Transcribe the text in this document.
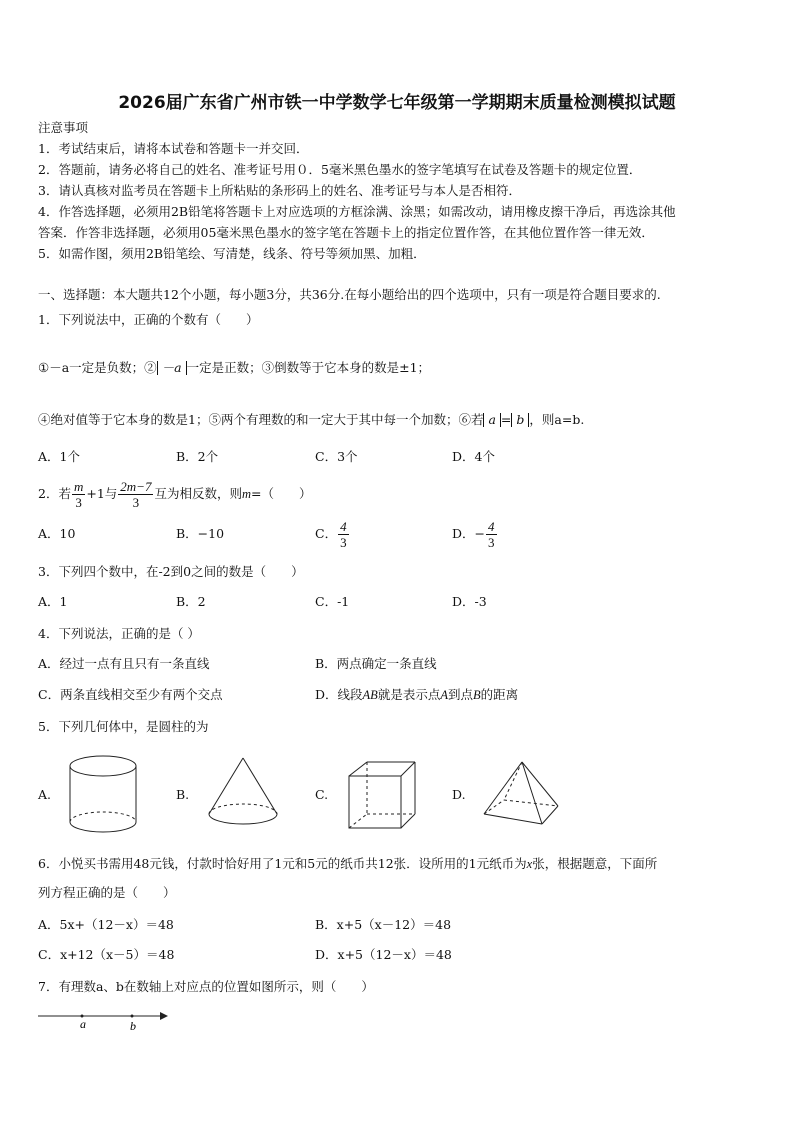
2026届广东省广州市铁一中学数学七年级第一学期期末质量检测模拟试题
注意事项
1．考试结束后，请将本试卷和答题卡一并交回．
2．答题前，请务必将自己的姓名、准考证号用０．5毫米黑色墨水的签字笔填写在试卷及答题卡的规定位置．
3．请认真核对监考员在答题卡上所粘贴的条形码上的姓名、准考证号与本人是否相符．
4．作答选择题，必须用2B铅笔将答题卡上对应选项的方框涂满、涂黑；如需改动，请用橡皮擦干净后，再选涂其他
答案．作答非选择题，必须用05毫米黑色墨水的签字笔在答题卡上的指定位置作答，在其他位置作答一律无效．
5．如需作图，须用2B铅笔绘、写清楚，线条、符号等须加黑、加粗．
一、选择题：本大题共12个小题，每小题3分，共36分.在每小题给出的四个选项中，只有一项是符合题目要求的.
1．下列说法中，正确的个数有（　　）
①－a一定是负数；② －a 一定是正数；③倒数等于它本身的数是±1；
④绝对值等于它本身的数是1；⑤两个有理数的和一定大于其中每一个加数；⑥若 a = b ，则a=b.
A．1个	B．2个	C．3个	D．4个
2．若 $\frac{m}{3} +1$与 $\frac{2m-7}{3}$ 互为相反数，则m=（　　）
A．10	B．−10	C． $\frac{4}{3}$	D．− $\frac{4}{3}$
3．下列四个数中，在-2到0之间的数是（　　）
A．1	B．2	C．-1	D．-3
4．下列说法，正确的是（ ）
A．经过一点有且只有一条直线	B．两点确定一条直线
C．两条直线相交至少有两个交点	D．线段AB就是表示点A到点B的距离
5．下列几何体中，是圆柱的为
A.	B.	C.	D.
6．小悦买书需用48元钱，付款时恰好用了1元和5元的纸币共12张．设所用的1元纸币为x张，根据题意，下面所
列方程正确的是（　　）
A．5x+（12－x）＝48	B．x+5（x－12）＝48
C．x+12（x－5）＝48	D．x+5（12－x）＝48
7．有理数a、b在数轴上对应点的位置如图所示，则（　　）
a	b
